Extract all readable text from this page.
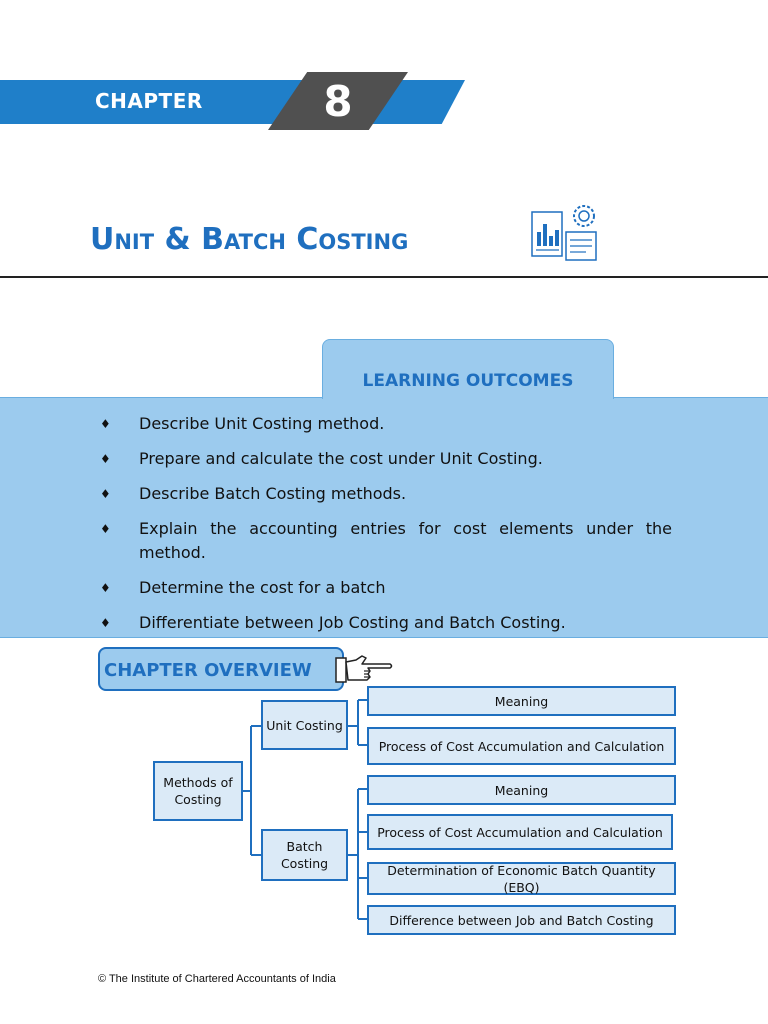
CHAPTER	8
Unit & Batch Costing
LEARNING OUTCOMES
♦ Describe Unit Costing method.
♦ Prepare and calculate the cost under Unit Costing.
♦ Describe Batch Costing methods.
♦ Explain the accounting entries for cost elements under the method.
♦ Determine the cost for a batch
♦ Differentiate between Job Costing and Batch Costing.
CHAPTER OVERVIEW
Methods of Costing
Unit Costing
Batch Costing
Meaning
Process of Cost Accumulation and Calculation
Meaning
Process of Cost Accumulation and Calculation
Determination of Economic Batch Quantity (EBQ)
Difference between Job and Batch Costing
© The Institute of Chartered Accountants of India
